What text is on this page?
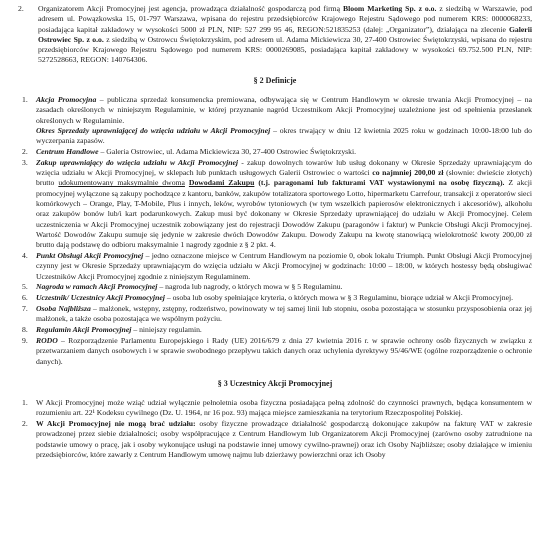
2.	Organizatorem Akcji Promocyjnej jest agencja, prowadząca działalność gospodarczą pod firmą Bloom Marketing Sp. z o.o. z siedzibą w Warszawie, pod adresem ul. Powązkowska 15, 01-797 Warszawa, wpisana do rejestru przedsiębiorców Krajowego Rejestru Sądowego pod numerem KRS: 0000068233, posiadająca kapitał zakładowy w wysokości 5000 zł PLN, NIP: 527 299 95 46, REGON:521835253 (dalej: „Organizator”), działająca na zlecenie Galerii Ostrowiec Sp. z o.o. z siedzibą w Ostrowcu Świętokrzyskim, pod adresem ul. Adama Mickiewicza 30, 27-400 Ostrowiec Świętokrzyski, wpisana do rejestru przedsiębiorców Krajowego Rejestru Sądowego pod numerem KRS: 0000269085, posiadająca kapitał zakładowy w wysokości 69.752.500 PLN, NIP: 5272528663, REGON: 140764306.
§ 2 Definicje
1.	Akcja Promocyjna – publiczna sprzedaż konsumencka premiowana, odbywająca się w Centrum Handlowym w okresie trwania Akcji Promocyjnej – na zasadach określonych w niniejszym Regulaminie, w której przyznanie nagród Uczestnikom Akcji Promocyjnej uzależnione jest od spełnienia przesłanek określonych w Regulaminie.
Okres Sprzedaży uprawniającej do wzięcia udziału w Akcji Promocyjnej – okres trwający w dniu 12 kwietnia 2025 roku w godzinach 10:00-18:00 lub do wyczerpania zapasów.
2.	Centrum Handlowe – Galeria Ostrowiec, ul. Adama Mickiewicza 30, 27-400 Ostrowiec Świętokrzyski.
3.	Zakup uprawniający do wzięcia udziału w Akcji Promocyjnej - zakup dowolnych towarów lub usług dokonany w Okresie Sprzedaży uprawniającym do wzięcia udziału w Akcji Promocyjnej, w sklepach lub punktach usługowych Galerii Ostrowiec o wartości co najmniej 200,00 zł (słownie: dwieście złotych) brutto udokumentowany maksymalnie dwoma Dowodami Zakupu (t.j. paragonami lub fakturami VAT wystawionymi na osobę fizyczną). Z akcji promocyjnej wyłączone są zakupy pochodzące z kantoru, banków, zakupów totalizatora sportowego Lotto, hipermarketu Carrefour, transakcji z operatorów sieci komórkowych – Orange, Play, T-Mobile, Plus i innych, leków, wyrobów tytoniowych (w tym wszelkich papierosów elektronicznych i akcesoriów), alkoholu oraz zakupów bonów lub/i kart podarunkowych. Zakup musi być dokonany w Okresie Sprzedaży uprawniającej do udziału w Akcji Promocyjnej. Celem uczestniczenia w Akcji Promocyjnej uczestnik zobowiązany jest do rejestracji Dowodów Zakupu (paragonów i faktur) w Punkcie Obsługi Akcji Promocyjnej. Wartość Dowodów Zakupu sumuje się jedynie w zakresie dwóch Dowodów Zakupu. Dowody Zakupu na kwotę stanowiącą wielokrotność kwoty 200,00 zł brutto dają podstawę do odbioru maksymalnie 1 nagrody zgodnie z § 2 pkt. 4.
4.	Punkt Obsługi Akcji Promocyjnej – jedno oznaczone miejsce w Centrum Handlowym na poziomie 0, obok lokalu Triumph. Punkt Obsługi Akcji Promocyjnej czynny jest w Okresie Sprzedaży uprawniającym do wzięcia udziału w Akcji Promocyjnej w godzinach: 10:00 – 18:00, w których hostessy będą obsługiwać Uczestników Akcji Promocyjnej zgodnie z niniejszym Regulaminem.
5.	Nagroda w ramach Akcji Promocyjnej – nagroda lub nagrody, o których mowa w § 5 Regulaminu.
6.	Uczestnik/ Uczestnicy Akcji Promocyjnej – osoba lub osoby spełniające kryteria, o których mowa w § 3 Regulaminu, biorące udział w Akcji Promocyjnej.
7.	Osoba Najbliższa – małżonek, wstępny, zstępny, rodzeństwo, powinowaty w tej samej linii lub stopniu, osoba pozostająca w stosunku przysposobienia oraz jej małżonek, a także osoba pozostająca we wspólnym pożyciu.
8.	Regulamin Akcji Promocyjnej – niniejszy regulamin.
9.	RODO – Rozporządzenie Parlamentu Europejskiego i Rady (UE) 2016/679 z dnia 27 kwietnia 2016 r. w sprawie ochrony osób fizycznych w związku z przetwarzaniem danych osobowych i w sprawie swobodnego przepływu takich danych oraz uchylenia dyrektywy 95/46/WE (ogólne rozporządzenie o ochronie danych).
§ 3 Uczestnicy Akcji Promocyjnej
1.	W Akcji Promocyjnej może wziąć udział wyłącznie pełnoletnia osoba fizyczna posiadająca pełną zdolność do czynności prawnych, będąca konsumentem w rozumieniu art. 22¹ Kodeksu cywilnego (Dz. U. 1964, nr 16 poz. 93) mająca miejsce zamieszkania na terytorium Rzeczpospolitej Polskiej.
2.	W Akcji Promocyjnej nie mogą brać udziału: osoby fizyczne prowadzące działalność gospodarczą dokonujące zakupów na fakturę VAT w zakresie prowadzonej przez siebie działalności; osoby współpracujące z Centrum Handlowym lub Organizatorem Akcji Promocyjnej (zarówno osoby zatrudnione na podstawie umowy o pracę, jak i osoby wykonujące usługi na podstawie innej umowy cywilno-prawnej) oraz ich Osoby Najbliższe; osoby działające w imieniu przedsiębiorców, które zawarły z Centrum Handlowym umowę najmu lub dzierżawy powierzchni oraz ich Osoby
